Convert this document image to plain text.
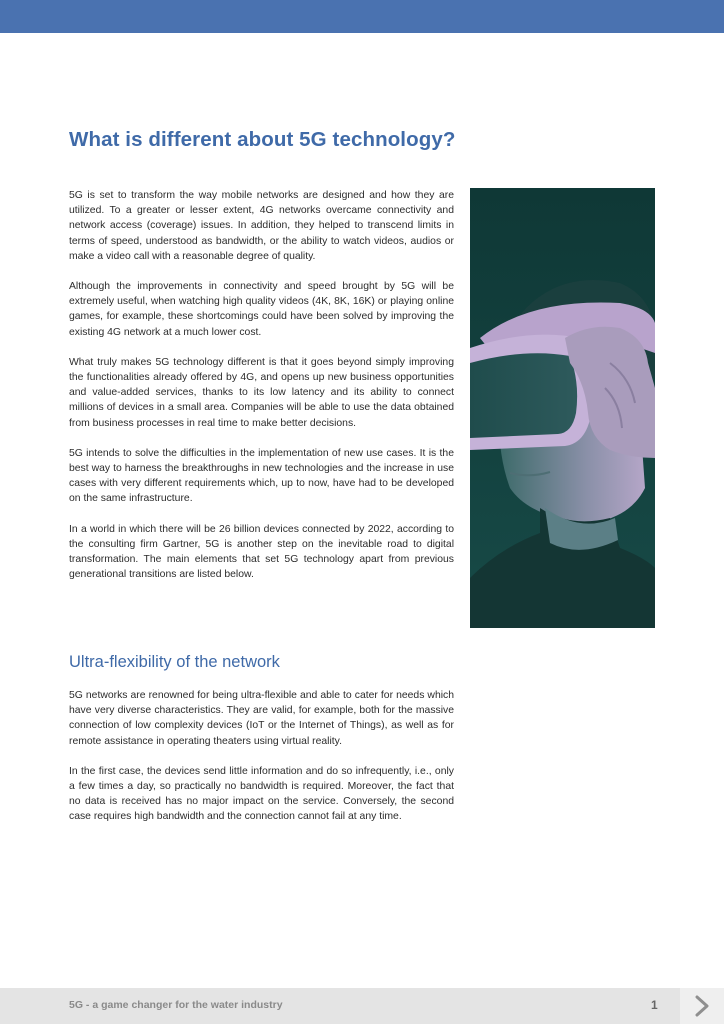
What is different about 5G technology?

5G is set to transform the way mobile networks are designed and how they are utilized. To a greater or lesser extent, 4G networks overcame connectivity and network access (coverage) issues. In addition, they helped to transcend limits in terms of speed, understood as bandwidth, or the ability to watch videos, audios or make a video call with a reasonable degree of quality.

Although the improvements in connectivity and speed brought by 5G will be extremely useful, when watching high quality videos (4K, 8K, 16K) or playing online games, for example, these shortcomings could have been solved by improving the existing 4G network at a much lower cost.

What truly makes 5G technology different is that it goes beyond simply improving the functionalities already offered by 4G, and opens up new business opportunities and value-added services, thanks to its low latency and its ability to connect millions of devices in a small area. Companies will be able to use the data obtained from business processes in real time to make better decisions.

5G intends to solve the difficulties in the implementation of new use cases. It is the best way to harness the breakthroughs in new technologies and the increase in use cases with very different requirements which, up to now, have had to be developed on the same infrastructure.

In a world in which there will be 26 billion devices connected by 2022, according to the consulting firm Gartner, 5G is another step on the inevitable road to digital transformation. The main elements that set 5G technology apart from previous generational transitions are listed below.

Ultra-flexibility of the network

5G networks are renowned for being ultra-flexible and able to cater for needs which have very diverse characteristics. They are valid, for example, both for the massive connection of low complexity devices (IoT or the Internet of Things), as well as for remote assistance in operating theaters using virtual reality.

In the first case, the devices send little information and do so infrequently, i.e., only a few times a day, so practically no bandwidth is required. Moreover, the fact that no data is received has no major impact on the service. Conversely, the second case requires high bandwidth and the connection cannot fail at any time.

5G - a game changer for the water industry	1
